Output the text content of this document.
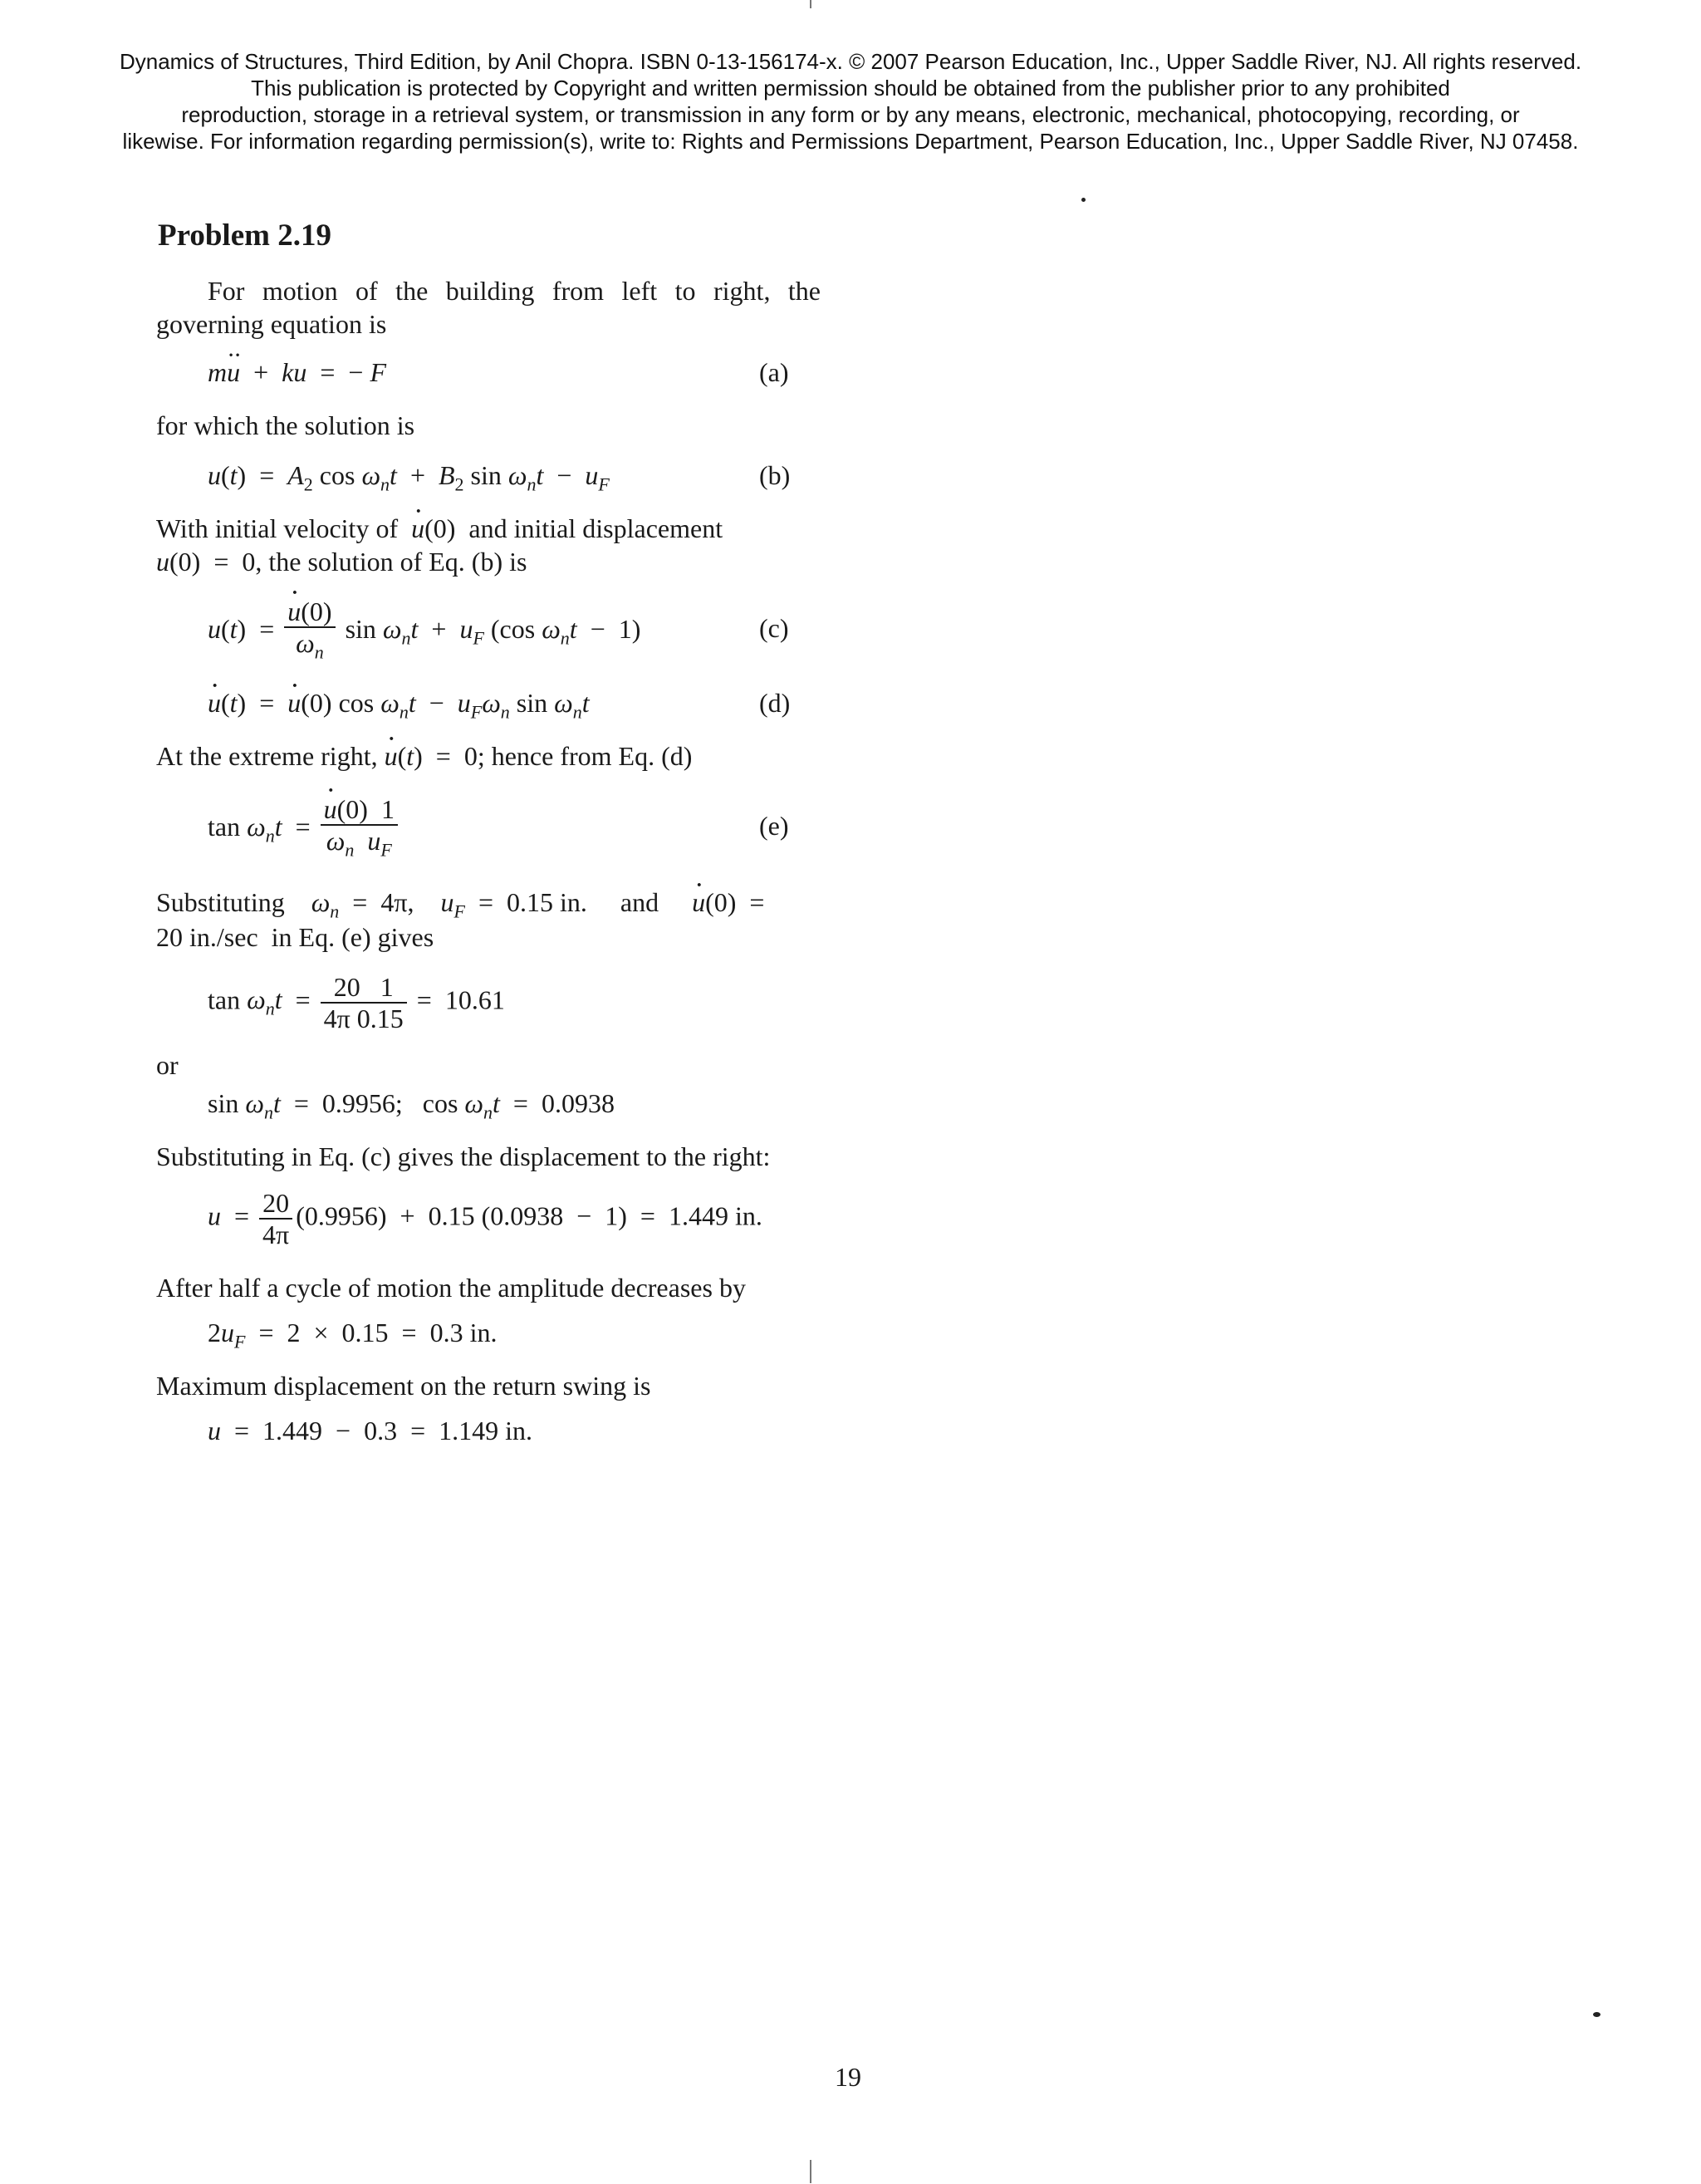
Dynamics of Structures, Third Edition, by Anil Chopra. ISBN 0-13-156174-x. © 2007 Pearson Education, Inc., Upper Saddle River, NJ. All rights reserved.
This publication is protected by Copyright and written permission should be obtained from the publisher prior to any prohibited
reproduction, storage in a retrieval system, or transmission in any form or by any means, electronic, mechanical, photocopying, recording, or
likewise. For information regarding permission(s), write to: Rights and Permissions Department, Pearson Education, Inc., Upper Saddle River, NJ 07458.
Problem 2.19
For motion of the building from left to right, the governing equation is
m·· u  +  ku  =  − F	(a)
for which the solution is
$u(t) = A_2$ $\cos \omega_nt + B_2$ $\sin \omega_nt - u_F$	(b)
With initial velocity of · u(0)  and initial displacement
u(0)  =  0, the solution of Eq. (b) is
u(t)  = · $\frac{u(0)}{\omega_n}$ $\sin \omega_nt + u_F$ (cos $\omega_nt - 1$)	(c)
· u(t)  =  · u(0) $\cos \omega_nt - u_F\omega_n$ $\sin \omega_nt$	(d)
At the extreme right, · u(t)  =  0; hence from Eq. (d)
$\tan \omega_nt$  = · $\frac{u(0) 1}{\omega_n u_F}$	(e)
Substituting $\omega_n = 4\pi$, $u_F = 0.15$ in. and · u(0)  =
20 in./sec in Eq. (e) gives
$\tan \omega_nt = \frac{20 1}{4\pi 0.15} = 10.61$
or
$\sin \omega_nt = 0.9956$;   $\cos \omega_nt = 0.0938$
Substituting in Eq. (c) gives the displacement to the right:
$u = \frac{20}{4\pi} (0.9956) + 0.15$ (0.0938  −  1)  =  1.449 in.
After half a cycle of motion the amplitude decreases by
$2u_F = 2 \times 0.15 = 0.3$ in.
Maximum displacement on the return swing is
u  =  1.449  −  0.3  =  1.149 in.
19
